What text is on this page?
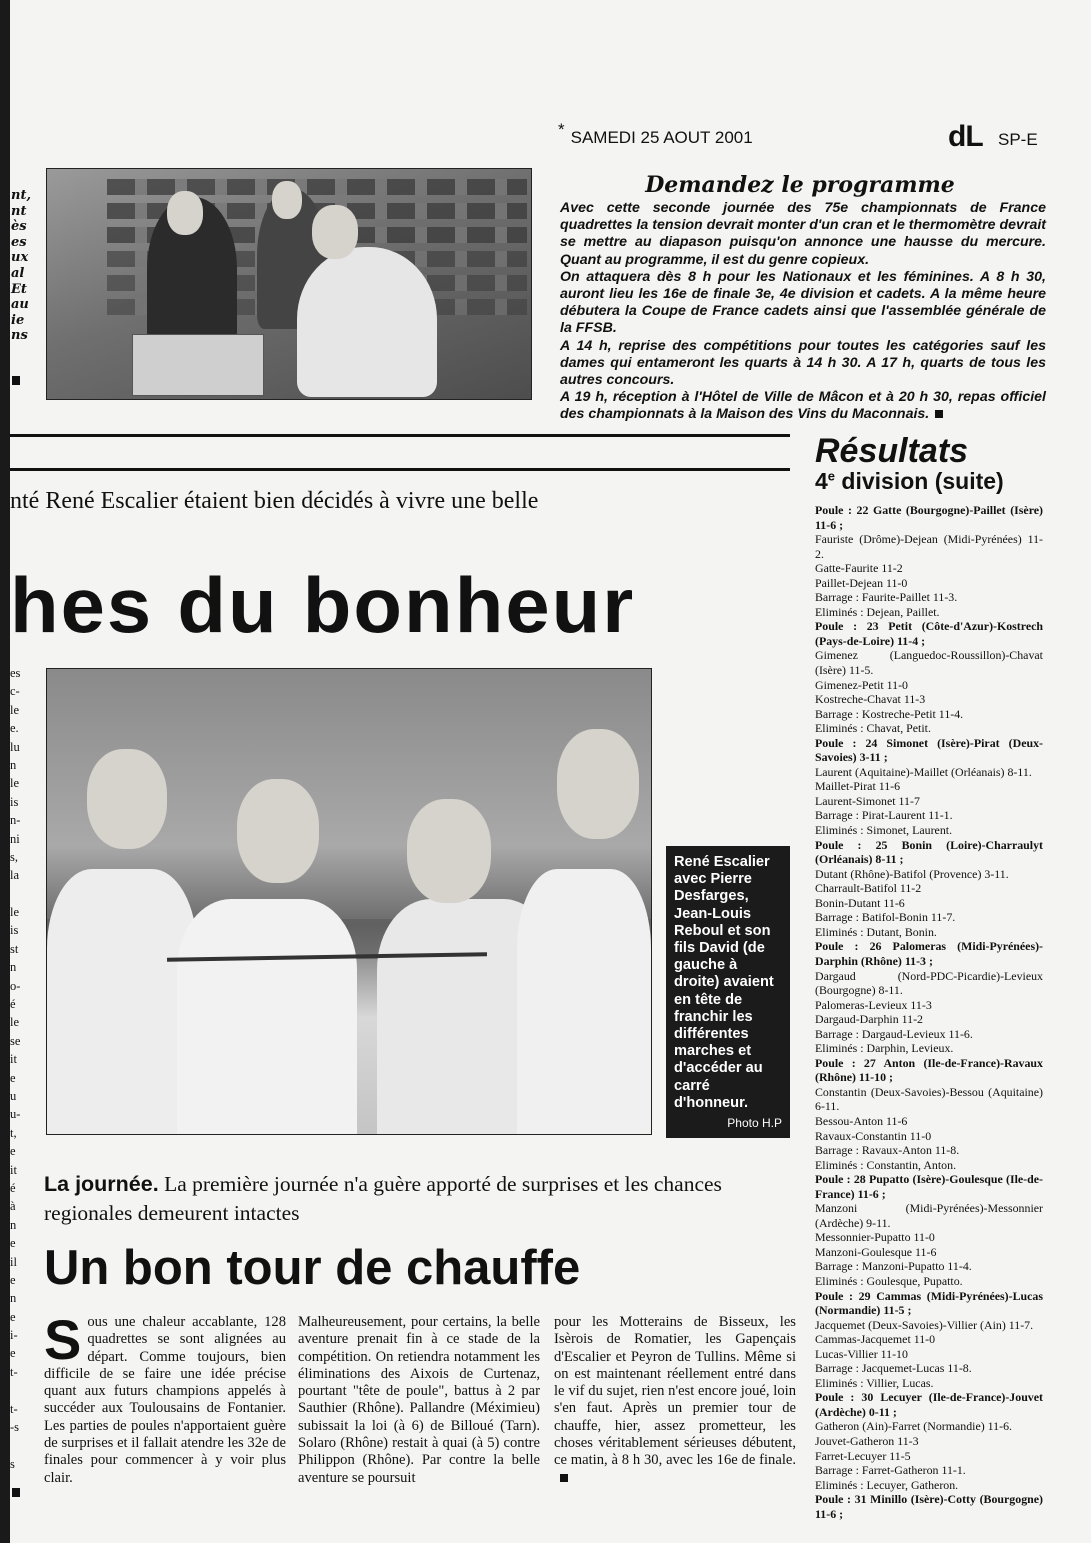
* SAMEDI 25 AOUT 2001	dL SP-E
nt,
nt
ès
es
ux
al
Et
au
ie
ns
Demandez le programme
Avec cette seconde journée des 75e championnats de France quadrettes la tension devrait monter d'un cran et le thermomètre devrait se mettre au diapason puisqu'on annonce une hausse du mercure. Quant au programme, il est du genre copieux.
On attaquera dès 8 h pour les Nationaux et les féminines. A 8 h 30, auront lieu les 16e de finale 3e, 4e division et cadets. A la même heure débutera la Coupe de France cadets ainsi que l'assemblée générale de la FFSB.
A 14 h, reprise des compétitions pour toutes les catégories sauf les dames qui entameront les quarts à 14 h 30. A 17 h, quarts de tous les autres concours.
A 19 h, réception à l'Hôtel de Ville de Mâcon et à 20 h 30, repas officiel des championnats à la Maison des Vins du Maconnais.
Résultats
4e division (suite)
Poule : 22 Gatte (Bourgogne)-Paillet (Isère) 11-6 ;
Fauriste (Drôme)-Dejean (Midi-Pyrénées) 11-2.
Gatte-Faurite 11-2
Paillet-Dejean 11-0
Barrage : Faurite-Paillet 11-3.
Eliminés : Dejean, Paillet.
Poule : 23 Petit (Côte-d'Azur)-Kostrech (Pays-de-Loire) 11-4 ;
Gimenez (Languedoc-Roussillon)-Chavat (Isère) 11-5.
Gimenez-Petit 11-0
Kostreche-Chavat 11-3
Barrage : Kostreche-Petit 11-4.
Eliminés : Chavat, Petit.
Poule : 24 Simonet (Isère)-Pirat (Deux-Savoies) 3-11 ;
Laurent (Aquitaine)-Maillet (Orléanais) 8-11.
Maillet-Pirat 11-6
Laurent-Simonet 11-7
Barrage : Pirat-Laurent 11-1.
Eliminés : Simonet, Laurent.
Poule : 25 Bonin (Loire)-Charraulyt (Orléanais) 8-11 ;
Dutant (Rhône)-Batifol (Provence) 3-11.
Charrault-Batifol 11-2
Bonin-Dutant 11-6
Barrage : Batifol-Bonin 11-7.
Eliminés : Dutant, Bonin.
Poule : 26 Palomeras (Midi-Pyrénées)-Darphin (Rhône) 11-3 ;
Dargaud (Nord-PDC-Picardie)-Levieux (Bourgogne) 8-11.
Palomeras-Levieux 11-3
Dargaud-Darphin 11-2
Barrage : Dargaud-Levieux 11-6.
Eliminés : Darphin, Levieux.
Poule : 27 Anton (Ile-de-France)-Ravaux (Rhône) 11-10 ;
Constantin (Deux-Savoies)-Bessou (Aquitaine) 6-11.
Bessou-Anton 11-6
Ravaux-Constantin 11-0
Barrage : Ravaux-Anton 11-8.
Eliminés : Constantin, Anton.
Poule : 28 Pupatto (Isère)-Goulesque (Ile-de-France) 11-6 ;
Manzoni (Midi-Pyrénées)-Messonnier (Ardèche) 9-11.
Messonnier-Pupatto 11-0
Manzoni-Goulesque 11-6
Barrage : Manzoni-Pupatto 11-4.
Eliminés : Goulesque, Pupatto.
Poule : 29 Cammas (Midi-Pyrénées)-Lucas (Normandie) 11-5 ;
Jacquemet (Deux-Savoies)-Villier (Ain) 11-7.
Cammas-Jacquemet 11-0
Lucas-Villier 11-10
Barrage : Jacquemet-Lucas 11-8.
Eliminés : Villier, Lucas.
Poule : 30 Lecuyer (Ile-de-France)-Jouvet (Ardèche) 0-11 ;
Gatheron (Ain)-Farret (Normandie) 11-6.
Jouvet-Gatheron 11-3
Farret-Lecuyer 11-5
Barrage : Farret-Gatheron 11-1.
Eliminés : Lecuyer, Gatheron.
Poule : 31 Minillo (Isère)-Cotty (Bourgogne) 11-6 ;
nté René Escalier étaient bien décidés à vivre une belle
hes du bonheur
es
c-
le
e.
lu
n
le
is
n-
ni
s,
la
le
is
st
n
o-
é
le
se
it
e
u
u-
t,
e
it
é
à
n
e
il
e
n
e
i-
e
t-
t-
-s
s
René Escalier avec Pierre Desfarges, Jean-Louis Reboul et son fils David (de gauche à droite) avaient en tête de franchir les différentes marches et d'accéder au carré d'honneur.
Photo H.P
La journée. La première journée n'a guère apporté de surprises et les chances regionales demeurent intactes
Un bon tour de chauffe
Sous une chaleur accablante, 128 quadrettes se sont alignées au départ. Comme toujours, bien difficile de se faire une idée précise quant aux futurs champions appelés à succéder aux Toulousains de Fontanier. Les parties de poules n'apportaient guère de surprises et il fallait atendre les 32e de finales pour commencer à y voir plus clair.
Malheureusement, pour certains, la belle aventure prenait fin à ce stade de la compétition. On retiendra notamment les éliminations des Aixois de Curtenaz, pourtant "tête de poule", battus à 2 par Sauthier (Rhône). Pallandre (Méximieu) subissait la loi (à 6) de Billoué (Tarn). Solaro (Rhône) restait à quai (à 5) contre Philippon (Rhône). Par contre la belle aventure se poursuit
pour les Motterains de Bisseux, les Isèrois de Romatier, les Gapençais d'Escalier et Peyron de Tullins. Même si on est maintenant réellement entré dans le vif du sujet, rien n'est encore joué, loin s'en faut. Après un premier tour de chauffe, hier, assez prometteur, les choses véritablement sérieuses débutent, ce matin, à 8 h 30, avec les 16e de finale.
